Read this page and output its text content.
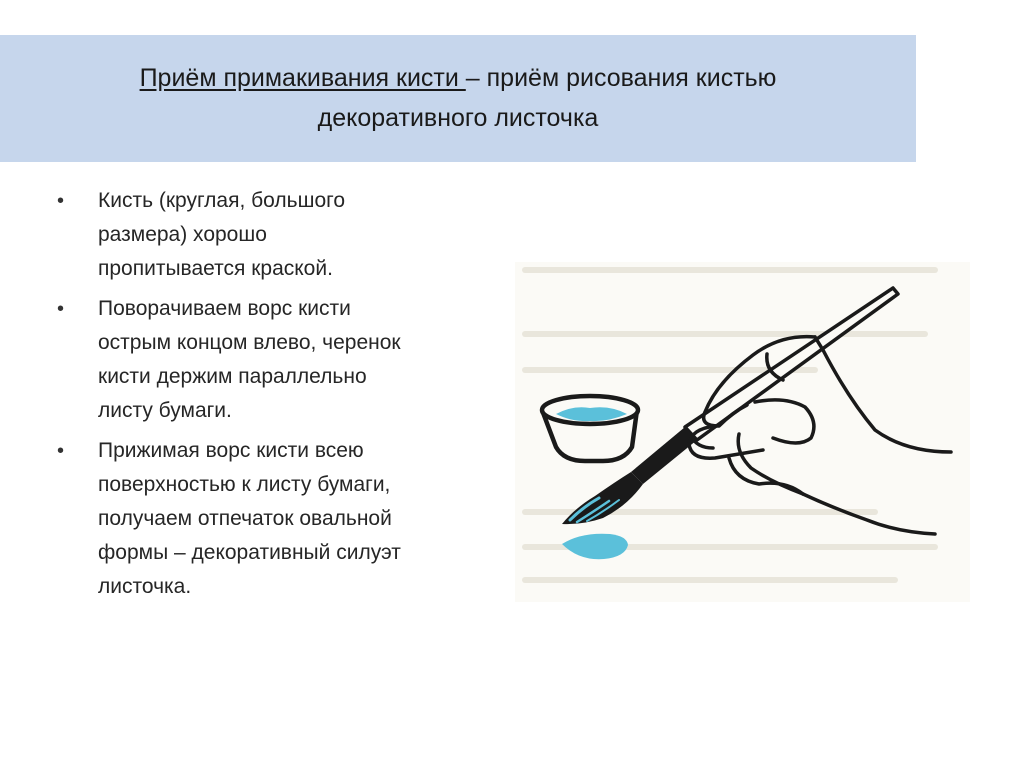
Приём примакивания кисти – приём рисования кистью
декоративного листочка
• Кисть (круглая, большого
размера) хорошо
пропитывается краской.
• Поворачиваем ворс кисти
острым концом влево, черенок
кисти держим параллельно
листу бумаги.
• Прижимая ворс кисти всею
поверхностью к листу бумаги,
получаем отпечаток овальной
формы – декоративный силуэт
листочка.
